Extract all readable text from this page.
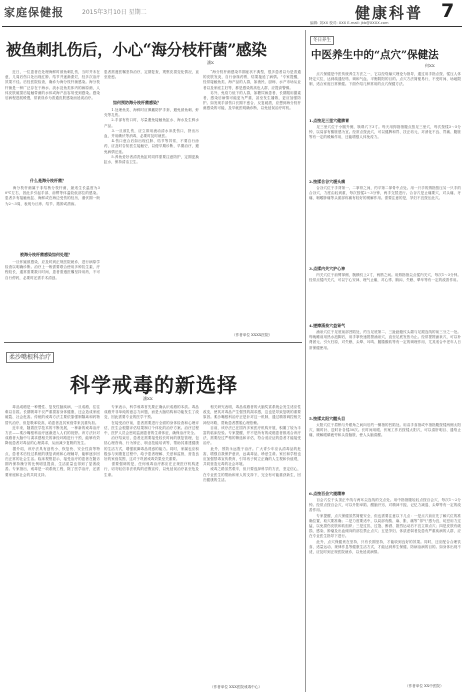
家庭保健报	2015年3月10日 星期二	健康科普 7
编辑: 刘XX 校对: XXX E-mail: jkb@XXXX.com
被鱼刺扎伤后，小心“海分枝杆菌”感染
潘X
　　近日，一位患者在处理海鲜时被鱼刺扎伤，当时并未在意，几周后伤口处出现红肿、结节并逐渐溃烂，经多次治疗效果不佳。后经医院检查，确诊为海分枝杆菌感染。海分枝杆菌是一种广泛存在于海水、淡水及鱼类体内的病原菌，人体皮肤破损后接触带菌的水体或海产品容易受到感染。感染后病程进展缓慢，常被误诊为普通皮肤感染而延误治疗。
什么是海分枝杆菌？
　　海分枝杆菌属于非结核分枝杆菌，最适生长温度为30℃左右，因此多引起手部、前臂等体温较低部位的感染。患者多有接触鱼缸、海鲜或在海边受伤的经历，潜伏期一般为2～3周，表现为丘疹、结节、脓肿或溃疡。
被海分枝杆菌感染如何处理？
　　一旦怀疑被感染，应及时到正规医院就诊，进行病原学检查以明确诊断。治疗上一般需要联合使用多种抗生素，疗程较长，通常需要数月时间，患者需遵医嘱坚持用药，不可自行停药，必要时还需手术清创。
患者需遵医嘱坚持治疗，定期复查，观察皮损变化情况，直至痊愈。
如何预防海分枝杆菌感染？
　　1.处理鱼类、海鲜时应佩戴防护手套，避免被鱼刺、虾壳等扎伤。
　　2.手部有伤口时，尽量避免接触鱼缸水、海水及生鲜水产品。
　　3.一旦被扎伤，应立即用流动清水冲洗伤口，挤出污血，并用碘伏等消毒，必要时及时就医。
　　4.伤口愈合后如出现红肿、结节等异常，不要自行涂药，应及时告知医生接触史，以便早期诊断，早期治疗，避免病情迁延。
　　5.养鱼爱好者清洗鱼缸时同样需要注意防护，定期更换缸水，保持清洁卫生。
　　“海分枝杆菌感染早期症状不典型，很多患者以为是普通的皮肤发炎，自行涂抹药膏，结果拖延了病情。”专家提醒，经常接触鱼类、海产品的人群，如渔民、厨师、水产市场从业者以及家庭主妇等，都是感染的高危人群，应提高警惕。
　　另外，免疫力低下的人群，如糖尿病患者、长期服用激素者，感染后病情可能更为严重，甚至发生播散，更应加强防护。如发现手部伤口长期不愈合、反复破溃，应想到海分枝杆菌感染的可能，及早就医明确诊断，以免延误治疗时机。
（作者单位 XXXX医院）
柔沙嘴根科治疗
科学戒毒的新选择
潘XX
　　毒品成瘾是一种慢性、复发性脑疾病，一旦成瘾，往往难以自拔。长期吸毒不仅严重损害身体健康，还会造成家庭破裂、社会危害。传统的戒毒方法主要依靠强制隔离和药物替代治疗，但复吸率较高，给患者及其家庭带来沉重负担。
　　近年来，随着医学技术的不断发展，一种新的戒毒治疗方法——柔沙嘴根科治疗逐渐进入人们的视野。该方法针对成瘾者大脑中与渴求感相关的神经环路进行干预，能够有效降低患者对毒品的心理渴求，从而减少复吸的发生。
　　据介绍，该疗法具有创伤小、恢复快、安全性高等特点，患者术后经过系统的康复训练和心理辅导，能够逐步回归正常的社会生活。临床观察显示，接受治疗的患者在随访期内保持操守的比例明显提高，生活质量也得到了显著改善。专家指出，戒毒是一项系统工程，除了医学治疗，还需要家庭和社会的共同支持。
　　专家表示，科学戒毒首先要正确认识成瘾的本质。毒品成瘾并非单纯的意志力问题，而是大脑结构和功能发生了改变，因此需要专业的医学干预。
　　在接受治疗前，患者需要进行全面的身体检查和心理评估，医生会根据评估结果制订个体化的治疗方案。治疗过程中，医护人员会密切监测患者的生命体征，确保治疗安全。
　　治疗结束后，患者还需要接受较长时间的康复管理，包括心理咨询、行为矫正、职业技能培训等，帮助其重建健康的生活方式，增强抵御毒品诱惑的能力。同时，家属也应积极参与到康复过程中，给予患者理解、关爱和监督，营造良好的家庭氛围，这对于巩固戒毒效果至关重要。
　　需要强调的是，任何戒毒治疗都应在正规医疗机构进行，切勿轻信非法机构的虚假宣传，以免延误治疗甚至危及生命。
　　相关研究表明，毒品成瘾者的大脑奖赏系统会发生适应性改变，使其对毒品产生强烈的渴求感，这也是导致复吸的重要原因。柔沙嘴根科治疗正是针对这一机制，通过精准调控相关神经环路，帮助患者摆脱心理依赖。
　　目前，该疗法已在国内多家医疗机构开展，积累了较为丰富的临床经验。专家提醒，并不是所有的成瘾患者都适合该疗法，需要经过严格的筛选和评估，符合适应证的患者才能接受治疗。
　　此外，预防永远胜于治疗。广大青少年应认清毒品的危害，增强自我保护意识，远离毒品，珍爱生命。家长和学校也应加强禁毒宣传教育，引导孩子树立正确的人生观和价值观，共同营造无毒的社会环境。
　　戒毒之路虽然艰辛，但只要选择科学的方法，坚定信心，在专业医生的帮助和家人的支持下，完全有可能重获新生，回归健康的生活。
（作者单位 XXX医院戒毒中心）
冬日养生
中医养生中的“点穴”保健法
何XX
　　点穴保健是中医传统养生方法之一，它以经络腧穴理论为指导，通过用手指点按、揉压人体特定穴位，达到疏通经络、调和气血、平衡阴阳的目的。点穴方法简便易行，不受时间、场地限制，适合家庭日常保健。下面介绍几种常用的点穴保健方法。
1.点按足三里穴健脾胃
　　足三里穴位于小腿外侧，犊鼻穴下3寸。每天用拇指指腹点按足三里穴，每次按揉3～5分钟，以局部有酸胀感为宜。经常点按此穴，可以健脾和胃、扶正培元，对消化不良、胃痛、腹胀等有一定的缓解作用，还能增强人体免疫力。
2.按揉合谷穴缓头痛
　　合谷穴位于手背第一、二掌骨之间，约平第二掌骨中点处。用一只手的拇指按压另一只手的合谷穴，力度由轻到重，每次按揉2～3分钟，两手交替进行。合谷穴是止痛要穴，对头痛、牙痛、咽喉肿痛等头面部疼痛有较好的缓解作用。需要注意的是，孕妇不宜按压此穴。
3.点揉内关穴护心神
　　内关穴位于前臂掌侧，腕横纹上2寸，两筋之间。用拇指指尖点揉内关穴，每次1～3分钟。经常点揉内关穴，可以宁心安神、理气止痛，对心悸、胸闷、失眠、晕车等有一定的改善作用。
4.搓擦涌泉穴益肾气
　　涌泉穴位于足底前部凹陷处，约当足底第二、三趾趾缝纹头端与足跟连线的前三分之一处。每晚睡前用热水泡脚后，用手掌快速搓擦涌泉穴，直至足底发热为止。经常搓擦涌泉穴，可以补肾固元、引火归原，对失眠、头晕、耳鸣、腰膝酸软等有一定的调理作用，尤其适合中老年人日常保健使用。
5.按揉太阳穴醒头目
　　太阳穴位于眉梢与外眼角之间向后约一横指的凹陷处。用双手食指或中指指腹按揉两侧太阳穴，顺时针、逆时针各揉30次。长时间用眼、伏案工作后按揉太阳穴，可以清肝明目、通络止痛，缓解眼睛疲劳和头昏脑胀，使人头脑清醒。
6.点按百会穴提精神
　　百会穴位于头顶正中线与两耳尖连线的交点处。用中指指腹轻轻点按百会穴，每次1～2分钟。经常点按百会穴，可以升阳举陷、醒脑开窍，对精神不振、记忆力减退、头晕等有一定的改善作用。
　　专家提醒，点穴保健虽然简便安全，但也需要注意以下几点：一是点穴前应先了解穴位的准确位置，取穴要准确；二是力度要适中，以局部有酸、麻、胀、痛等“得气”感为宜，切忌用力过猛，以免损伤皮肤和软组织；三是过饥、过饱、醉酒、剧烈运动后不宜立即点穴；四是皮肤有破损、感染、肿瘤及出血倾向的部位禁止点穴；五是孕妇、体质虚弱者及患有严重疾病的人群，应在专业医生指导下进行。
　　此外，点穴保健贵在坚持，只有长期坚持，才能收到良好的效果。同时，还应配合合理饮食、适量运动、规律作息等健康生活方式，才能达到养生保健、防病治病的目的。如身体出现不适，应及时到正规医院就诊，以免延误病情。
（作者单位 XX中医院）
